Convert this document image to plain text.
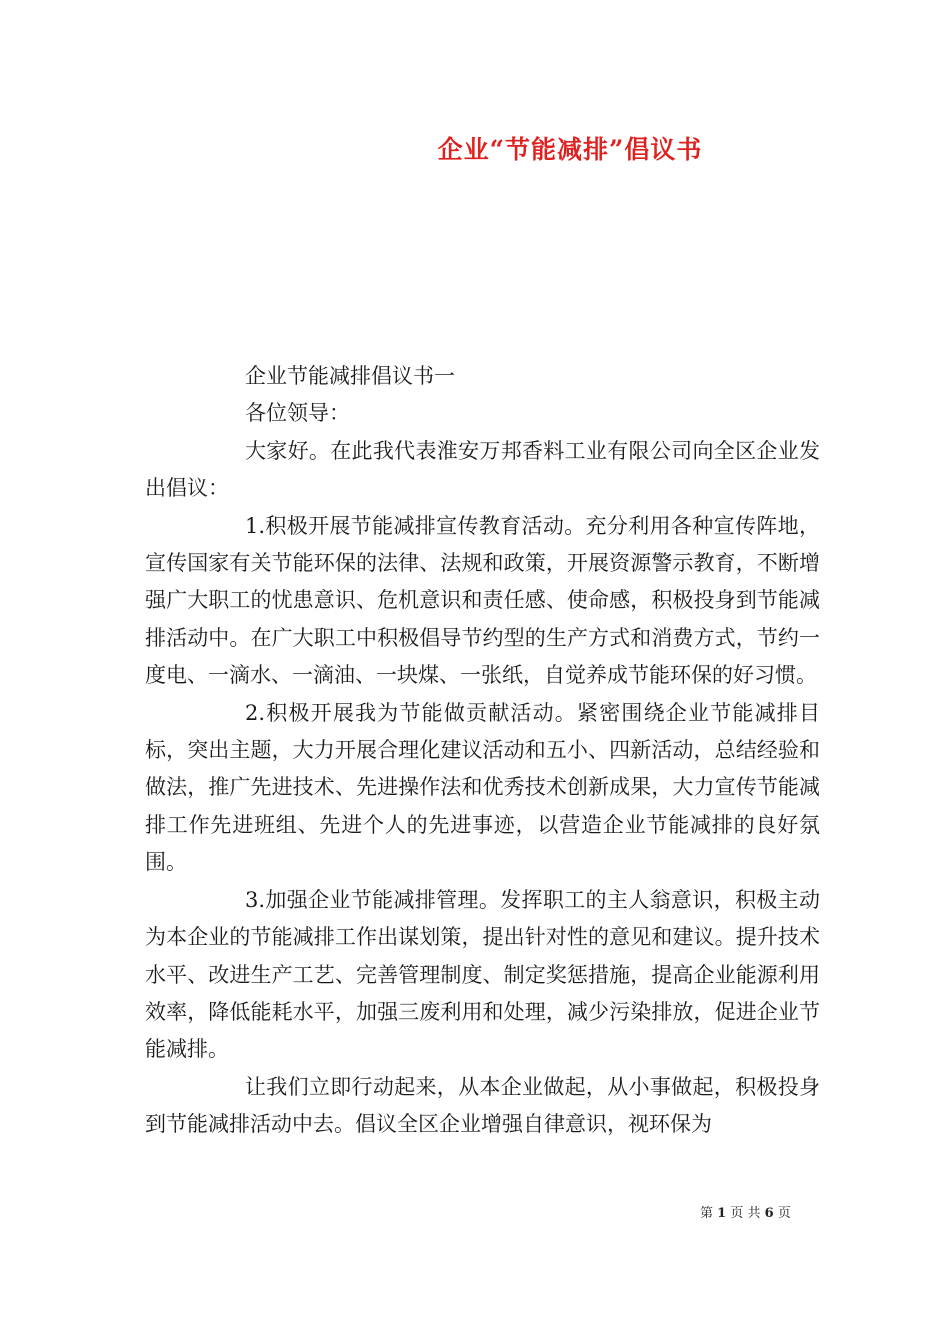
企业“节能减排”倡议书

企业节能减排倡议书一

各位领导：

大家好。在此我代表淮安万邦香料工业有限公司向全区企业发出倡议：

1.积极开展节能减排宣传教育活动。充分利用各种宣传阵地，宣传国家有关节能环保的法律、法规和政策，开展资源警示教育，不断增强广大职工的忧患意识、危机意识和责任感、使命感，积极投身到节能减排活动中。在广大职工中积极倡导节约型的生产方式和消费方式，节约一度电、一滴水、一滴油、一块煤、一张纸，自觉养成节能环保的好习惯。

2.积极开展我为节能做贡献活动。紧密围绕企业节能减排目标，突出主题，大力开展合理化建议活动和五小、四新活动，总结经验和做法，推广先进技术、先进操作法和优秀技术创新成果，大力宣传节能减排工作先进班组、先进个人的先进事迹，以营造企业节能减排的良好氛围。

3.加强企业节能减排管理。发挥职工的主人翁意识，积极主动为本企业的节能减排工作出谋划策，提出针对性的意见和建议。提升技术水平、改进生产工艺、完善管理制度、制定奖惩措施，提高企业能源利用效率，降低能耗水平，加强三废利用和处理，减少污染排放，促进企业节能减排。

让我们立即行动起来，从本企业做起，从小事做起，积极投身到节能减排活动中去。倡议全区企业增强自律意识，视环保为

第 1 页 共 6 页
